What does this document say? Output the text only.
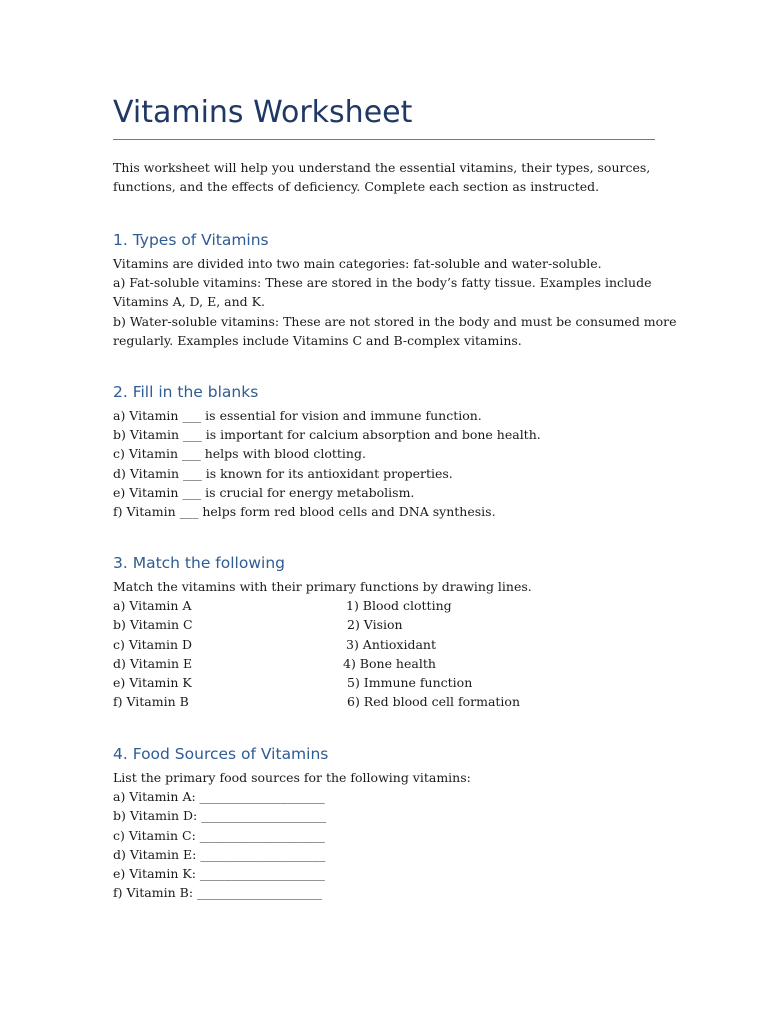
Vitamins Worksheet

This worksheet will help you understand the essential vitamins, their types, sources, functions, and the effects of deficiency. Complete each section as instructed.

1. Types of Vitamins
Vitamins are divided into two main categories: fat-soluble and water-soluble.
a) Fat-soluble vitamins: These are stored in the body’s fatty tissue. Examples include
Vitamins A, D, E, and K.
b) Water-soluble vitamins: These are not stored in the body and must be consumed more
regularly. Examples include Vitamins C and B-complex vitamins.
2. Fill in the blanks
a) Vitamin ___ is essential for vision and immune function.
b) Vitamin ___ is important for calcium absorption and bone health.
c) Vitamin ___ helps with blood clotting.
d) Vitamin ___ is known for its antioxidant properties.
e) Vitamin ___ is crucial for energy metabolism.
f) Vitamin ___ helps form red blood cells and DNA synthesis.
3. Match the following
Match the vitamins with their primary functions by drawing lines.
a) Vitamin A	1) Blood clotting
b) Vitamin C	2) Vision
c) Vitamin D	3) Antioxidant
d) Vitamin E	4) Bone health
e) Vitamin K	5) Immune function
f) Vitamin B	6) Red blood cell formation
4. Food Sources of Vitamins
List the primary food sources for the following vitamins:
a) Vitamin A: ____________________
b) Vitamin D: ____________________
c) Vitamin C: ____________________
d) Vitamin E: ____________________
e) Vitamin K: ____________________
f) Vitamin B: ____________________
